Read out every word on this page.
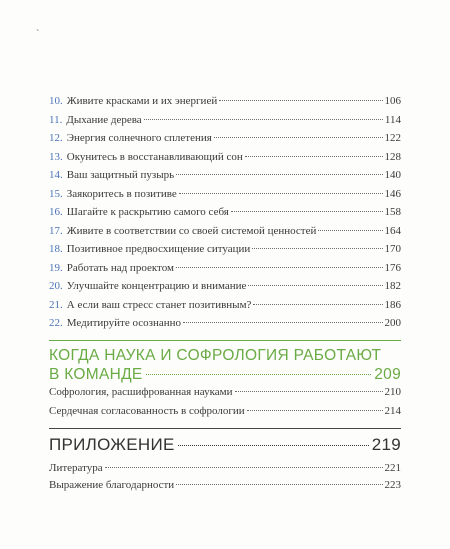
`
10. Живите красками и их энергией	106
11. Дыхание дерева	114
12. Энергия солнечного сплетения	122
13. Окунитесь в восстанавливающий сон	128
14. Ваш защитный пузырь	140
15. Заякоритесь в позитиве	146
16. Шагайте к раскрытию самого себя	158
17. Живите в соответствии со своей системой ценностей	164
18. Позитивное предвосхищение ситуации	170
19. Работать над проектом	176
20. Улучшайте концентрацию и внимание	182
21. А если ваш стресс станет позитивным?	186
22. Медитируйте осознанно	200
КОГДА НАУКА И СОФРОЛОГИЯ РАБОТАЮТ
В КОМАНДЕ	209
Софрология, расшифрованная науками	210
Сердечная согласованность в софрологии	214
ПРИЛОЖЕНИЕ	219
Литература	221
Выражение благодарности	223
